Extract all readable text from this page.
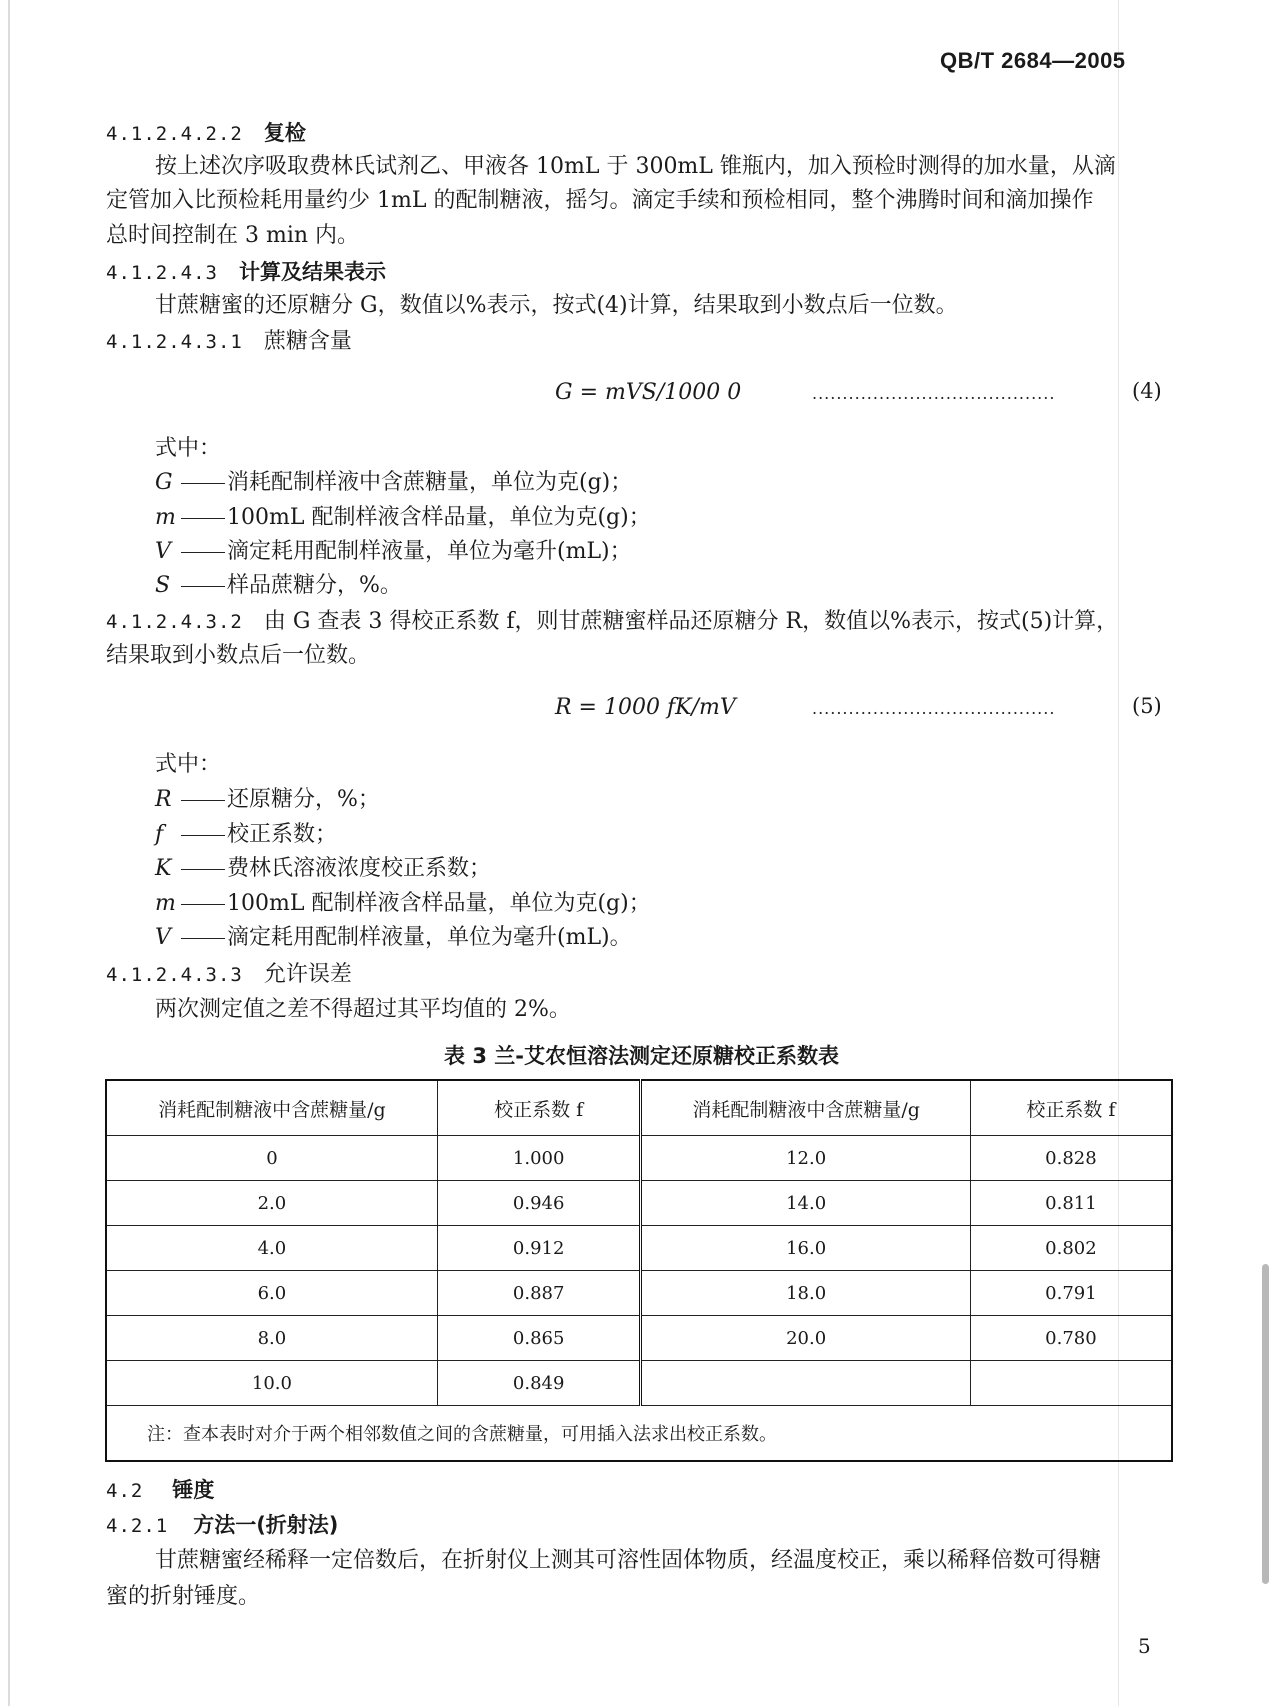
QB/T 2684—2005
4.1.2.4.2.2 复检
按上述次序吸取费林氏试剂乙、甲液各 10mL 于 300mL 锥瓶内，加入预检时测得的加水量，从滴
定管加入比预检耗用量约少 1mL 的配制糖液，摇匀。滴定手续和预检相同，整个沸腾时间和滴加操作
总时间控制在 3 min 内。
4.1.2.4.3 计算及结果表示
甘蔗糖蜜的还原糖分 G，数值以%表示，按式(4)计算，结果取到小数点后一位数。
4.1.2.4.3.1 蔗糖含量
G = mVS/1000 0	........................................	(4)
式中：
G 消耗配制样液中含蔗糖量，单位为克(g)；
m 100mL 配制样液含样品量，单位为克(g)；
V	滴定耗用配制样液量，单位为毫升(mL)；
S	样品蔗糖分，%。
4.1.2.4.3.2 由 G 查表 3 得校正系数 f，则甘蔗糖蜜样品还原糖分 R，数值以%表示，按式(5)计算，
结果取到小数点后一位数。
R = 1000 fK/mV	........................................	(5)
式中：
R	还原糖分，%；
f	校正系数；
K	费林氏溶液浓度校正系数；
m 100mL 配制样液含样品量，单位为克(g)；
V	滴定耗用配制样液量，单位为毫升(mL)。
4.1.2.4.3.3 允许误差
两次测定值之差不得超过其平均值的 2%。
表 3 兰-艾农恒溶法测定还原糖校正系数表
消耗配制糖液中含蔗糖量/g	校正系数 f	消耗配制糖液中含蔗糖量/g	校正系数 f
0	1.000	12.0	0.828
2.0	0.946	14.0	0.811
4.0	0.912	16.0	0.802
6.0	0.887	18.0	0.791
8.0	0.865	20.0	0.780
10.0	0.849		
注：查本表时对介于两个相邻数值之间的含蔗糖量，可用插入法求出校正系数。			
4.2 锤度
4.2.1 方法一(折射法)
甘蔗糖蜜经稀释一定倍数后，在折射仪上测其可溶性固体物质，经温度校正，乘以稀释倍数可得糖
蜜的折射锤度。
5
